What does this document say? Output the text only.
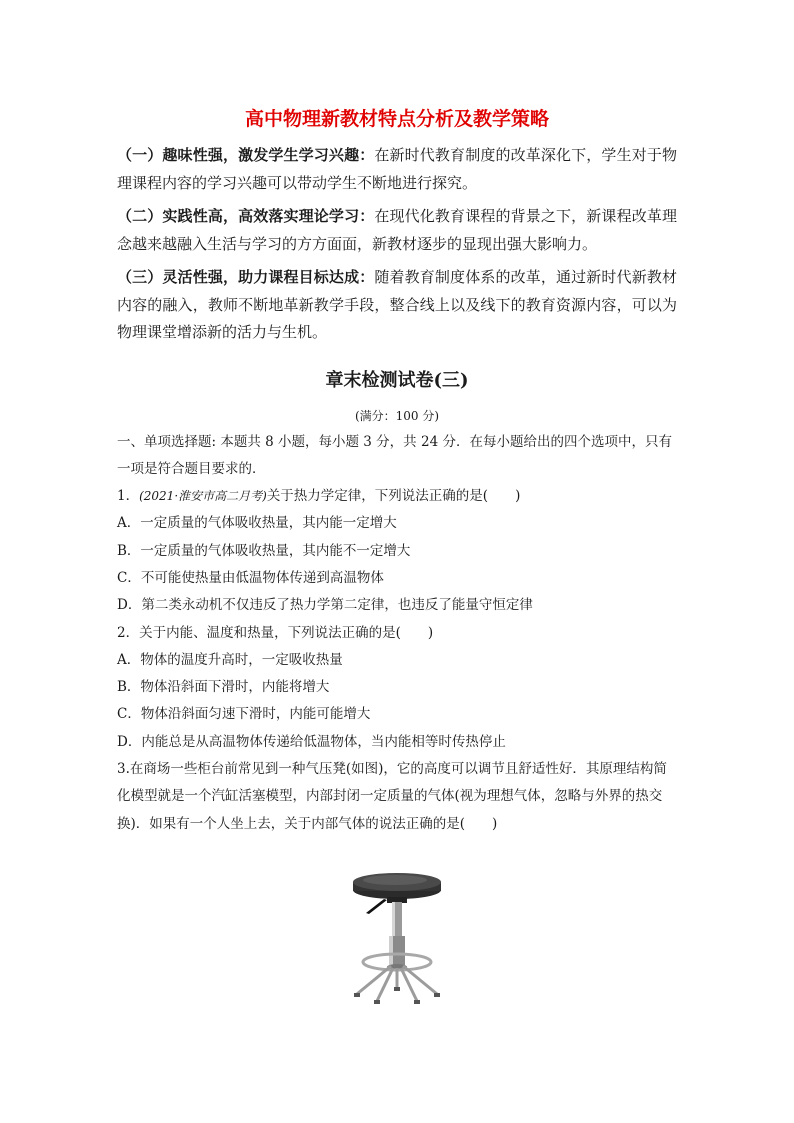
高中物理新教材特点分析及教学策略

（一）趣味性强，激发学生学习兴趣：在新时代教育制度的改革深化下，学生对于物理课程内容的学习兴趣可以带动学生不断地进行探究。

（二）实践性高，高效落实理论学习：在现代化教育课程的背景之下，新课程改革理念越来越融入生活与学习的方方面面，新教材逐步的显现出强大影响力。

（三）灵活性强，助力课程目标达成：随着教育制度体系的改革，通过新时代新教材内容的融入，教师不断地革新教学手段，整合线上以及线下的教育资源内容，可以为物理课堂增添新的活力与生机。

章末检测试卷(三)
(满分：100 分)

一、单项选择题: 本题共 8 小题，每小题 3 分，共 24 分．在每小题给出的四个选项中，只有

一项是符合题目要求的．

1．(2021·淮安市高二月考)关于热力学定律，下列说法正确的是(　　)

A．一定质量的气体吸收热量，其内能一定增大

B．一定质量的气体吸收热量，其内能不一定增大

C．不可能使热量由低温物体传递到高温物体

D．第二类永动机不仅违反了热力学第二定律，也违反了能量守恒定律

2．关于内能、温度和热量，下列说法正确的是(　　)

A．物体的温度升高时，一定吸收热量

B．物体沿斜面下滑时，内能将增大

C．物体沿斜面匀速下滑时，内能可能增大

D．内能总是从高温物体传递给低温物体，当内能相等时传热停止

3.在商场一些柜台前常见到一种气压凳(如图)，它的高度可以调节且舒适性好．其原理结构简

化模型就是一个汽缸活塞模型，内部封闭一定质量的气体(视为理想气体，忽略与外界的热交

换)．如果有一个人坐上去，关于内部气体的说法正确的是(　　)
